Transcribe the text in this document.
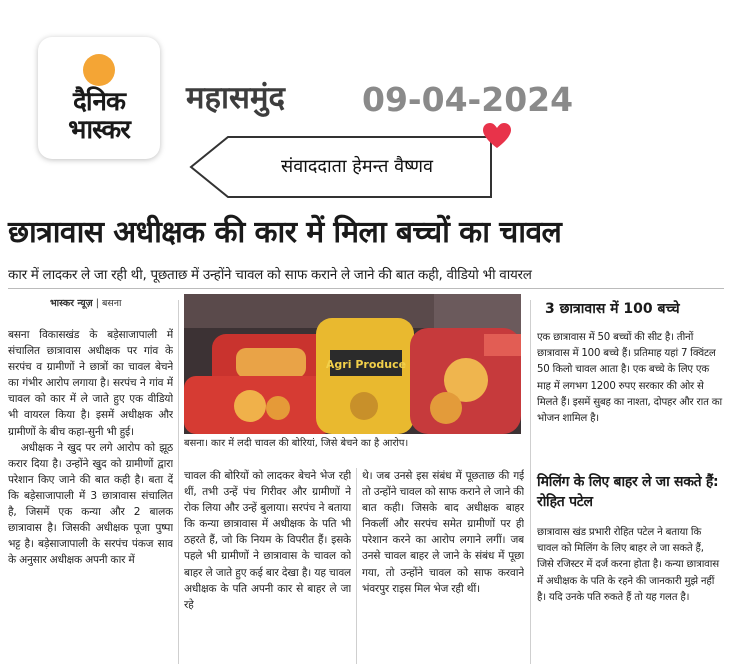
दैनिक
भास्कर
महासमुंद 09-04-2024
संवाददाता हेमन्त वैष्णव
छात्रावास अधीक्षक की कार में मिला बच्चों का चावल
कार में लादकर ले जा रही थी, पूछताछ में उन्होंने चावल को साफ कराने ले जाने की बात कही, वीडियो भी वायरल
भास्कर न्यूज़ | बसना

बसना विकासखंड के बड़ेसाजापाली में संचालित छात्रावास अधीक्षक पर गांव के सरपंच व ग्रामीणों ने छात्रों का चावल बेचने का गंभीर आरोप लगाया है। सरपंच ने गांव में चावल को कार में ले जाते हुए एक वीडियो भी वायरल किया है। इसमें अधीक्षक और ग्रामीणों के बीच कहा-सुनी भी हुई।

अधीक्षक ने खुद पर लगे आरोप को झूठ करार दिया है। उन्होंने खुद को ग्रामीणों द्वारा परेशान किए जाने की बात कही है। बता दें कि बड़ेसाजापाली में 3 छात्रावास संचालित है, जिसमें एक कन्या और 2 बालक छात्रावास है। जिसकी अधीक्षक पूजा पुष्पा भट्ट है। बड़ेसाजापाली के सरपंच पंकज साव के अनुसार अधीक्षक अपनी कार में

Agri Produce
बसना। कार में लदी चावल की बोरियां, जिसे बेचने का है आरोप।

चावल की बोरियों को लादकर बेचने भेज रही थीं, तभी उन्हें पंच गिरीवर और ग्रामीणों ने रोक लिया और उन्हें बुलाया। सरपंच ने बताया कि कन्या छात्रावास में अधीक्षक के पति भी ठहरते हैं, जो कि नियम के विपरीत हैं। इसके पहले भी ग्रामीणों ने छात्रावास के चावल को बाहर ले जाते हुए कई बार देखा है। यह चावल अधीक्षक के पति अपनी कार से बाहर ले जा रहे

थे। जब उनसे इस संबंध में पूछताछ की गई तो उन्होंने चावल को साफ कराने ले जाने की बात कही। जिसके बाद अधीक्षक बाहर निकलीं और सरपंच समेत ग्रामीणों पर ही परेशान करने का आरोप लगाने लगीं। जब उनसे चावल बाहर ले जाने के संबंध में पूछा गया, तो उन्होंने चावल को साफ करवाने भंवरपुर राइस मिल भेज रही थीं।

3 छात्रावास में 100 बच्चे
एक छात्रावास में 50 बच्चों की सीट है। तीनों छात्रावास में 100 बच्चे हैं। प्रतिमाह यहां 7 क्विंटल 50 किलो चावल आता है। एक बच्चे के लिए एक माह में लगभग 1200 रुपए सरकार की ओर से मिलते हैं। इसमें सुबह का नाश्ता, दोपहर और रात का भोजन शामिल है।
मिलिंग के लिए बाहर ले जा सकते हैं: रोहित पटेल
छात्रावास खंड प्रभारी रोहित पटेल ने बताया कि चावल को मिलिंग के लिए बाहर ले जा सकते हैं, जिसे रजिस्टर में दर्ज करना होता है। कन्या छात्रावास में अधीक्षक के पति के रहने की जानकारी मुझे नहीं है। यदि उनके पति रुकते हैं तो यह गलत है।
